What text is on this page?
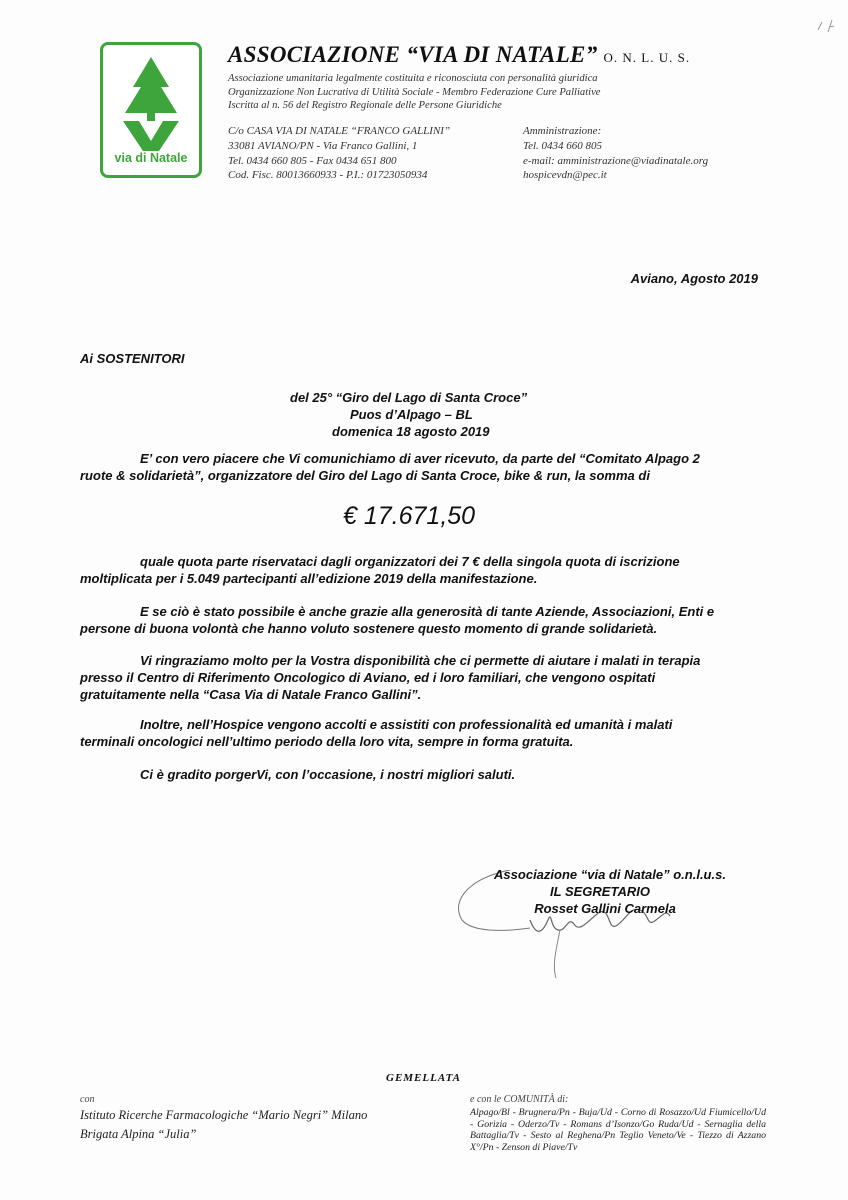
via di Natale
ASSOCIAZIONE “VIA DI NATALE” O. N. L. U. S.
Associazione umanitaria legalmente costituita e riconosciuta con personalità giuridica
Organizzazione Non Lucrativa di Utilità Sociale - Membro Federazione Cure Palliative
Iscritta al n. 56 del Registro Regionale delle Persone Giuridiche
C/o CASA VIA DI NATALE “FRANCO GALLINI”
33081 AVIANO/PN - Via Franco Gallini, 1
Tel. 0434 660 805 - Fax 0434 651 800
Cod. Fisc. 80013660933 - P.I.: 01723050934
Amministrazione:
Tel. 0434 660 805
e-mail: amministrazione@viadinatale.org
hospicevdn@pec.it
Aviano, Agosto 2019
Ai SOSTENITORI
del 25° “Giro del Lago di Santa Croce”
Puos d’Alpago – BL
domenica 18 agosto 2019
E’ con vero piacere che Vi comunichiamo di aver ricevuto, da parte del “Comitato Alpago 2
ruote & solidarietà”, organizzatore del Giro del Lago di Santa Croce, bike & run, la somma di
€ 17.671,50
quale quota parte riservataci dagli organizzatori dei 7 € della singola quota di iscrizione
moltiplicata per i 5.049 partecipanti all’edizione 2019 della manifestazione.
E se ciò è stato possibile è anche grazie alla generosità di tante Aziende, Associazioni, Enti e
persone di buona volontà che hanno voluto sostenere questo momento di grande solidarietà.
Vi ringraziamo molto per la Vostra disponibilità che ci permette di aiutare i malati in terapia
presso il Centro di Riferimento Oncologico di Aviano, ed i loro familiari, che vengono ospitati
gratuitamente nella “Casa Via di Natale Franco Gallini”.
Inoltre, nell’Hospice vengono accolti e assistiti con professionalità ed umanità i malati
terminali oncologici nell’ultimo periodo della loro vita, sempre in forma gratuita.
Ci è gradito porgerVi, con l’occasione, i nostri migliori saluti.
Associazione “via di Natale” o.n.l.u.s.
IL SEGRETARIO
Rosset Gallini Carmela
GEMELLATA
con
Istituto Ricerche Farmacologiche “Mario Negri” Milano
Brigata Alpina “Julia”
e con le COMUNITÀ di:
Alpago/Bl - Brugnera/Pn - Buja/Ud - Corno di Rosazzo/Ud Fiumicello/Ud - Gorizia - Oderzo/Tv - Romans d’Isonzo/Go Ruda/Ud - Sernaglia della Battaglia/Tv - Sesto al Reghena/Pn Teglio Veneto/Ve - Tiezzo di Azzano X°/Pn - Zenson di Piave/Tv
